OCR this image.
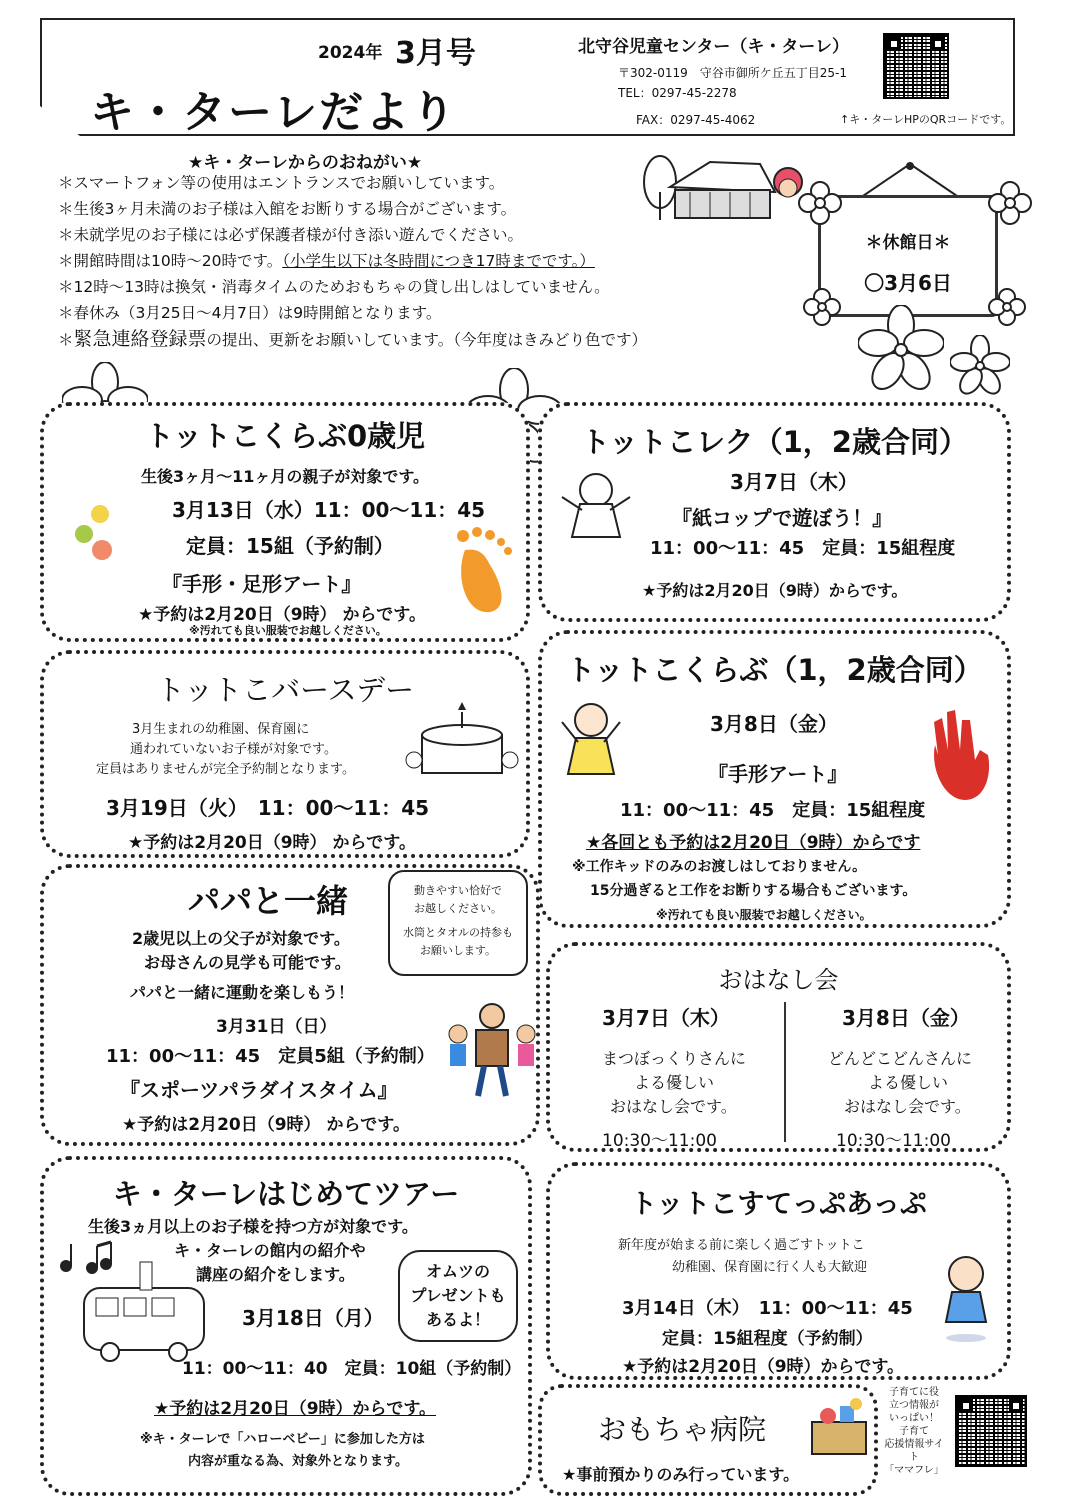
2024年 3月号
キ・ターレだより
北守谷児童センター（キ・ターレ）
〒302-0119　守谷市御所ケ丘五丁目25-1
TEL：0297-45-2278
FAX：0297-45-4062	↑キ・ターレHPのQRコードです。
★キ・ターレからのおねがい★
＊スマートフォン等の使用はエントランスでお願いしています。
＊生後3ヶ月未満のお子様は入館をお断りする場合がございます。
＊未就学児のお子様には必ず保護者様が付き添い遊んでください。
＊開館時間は10時～20時です。（小学生以下は冬時間につき17時までです。）
＊12時～13時は換気・消毒タイムのためおもちゃの貸し出しはしていません。
＊春休み（3月25日～4月7日）は9時開館となります。
＊緊急連絡登録票の提出、更新をお願いしています。（今年度はきみどり色です）
＊休館日＊
〇3月6日
トットこくらぶ0歳児
生後3ヶ月～11ヶ月の親子が対象です。
3月13日（水）11：00～11：45
定員：15組（予約制）
『手形・足形アート』
★予約は2月20日（9時） からです。
※汚れても良い服装でお越しください。
トットこレク（1，2歳合同）
3月7日（木）
『紙コップで遊ぼう！』
11：00～11：45　定員：15組程度
★予約は2月20日（9時）からです。
トットこバースデー
3月生まれの幼稚園、保育園に
通われていないお子様が対象です。
定員はありませんが完全予約制となります。
3月19日（火）　11：00～11：45
★予約は2月20日（9時） からです。
トットこくらぶ（1，2歳合同）
3月8日（金）
『手形アート』
11：00～11：45　定員：15組程度
★各回とも予約は2月20日（9時）からです
※工作キッドのみのお渡しはしておりません。
15分過ぎると工作をお断りする場合もございます。
※汚れても良い服装でお越しください。
パパと一緒
2歳児以上の父子が対象です。
お母さんの見学も可能です。
パパと一緒に運動を楽しもう！
3月31日（日）
11：00～11：45　定員5組（予約制）
『スポーツパラダイスタイム』
★予約は2月20日（9時） からです。
動きやすい恰好で
お越しください。
水筒とタオルの持参も
お願いします。
おはなし会
3月7日（木）
まつぼっくりさんに
よる優しい
おはなし会です。
10:30～11:00
3月8日（金）
どんどこどんさんに
よる優しい
おはなし会です。
10:30～11:00
キ・ターレはじめてツアー
生後3ヵ月以上のお子様を持つ方が対象です。
キ・ターレの館内の紹介や
講座の紹介をします。
3月18日（月）
11：00～11：40　定員：10組（予約制）
★予約は2月20日（9時）からです。
※キ・ターレで「ハローベビー」に参加した方は
内容が重なる為、対象外となります。
オムツの
プレゼントも
あるよ！
トットこすてっぷあっぷ
新年度が始まる前に楽しく過ごすトットこ
幼稚園、保育園に行く人も大歓迎
3月14日（木）　11：00～11：45
定員：15組程度（予約制）
★予約は2月20日（9時）からです。
おもちゃ病院
★事前預かりのみ行っています。
子育てに役
立つ情報が
いっぱい！
子育て
応援情報サイト
「ママフレ」
